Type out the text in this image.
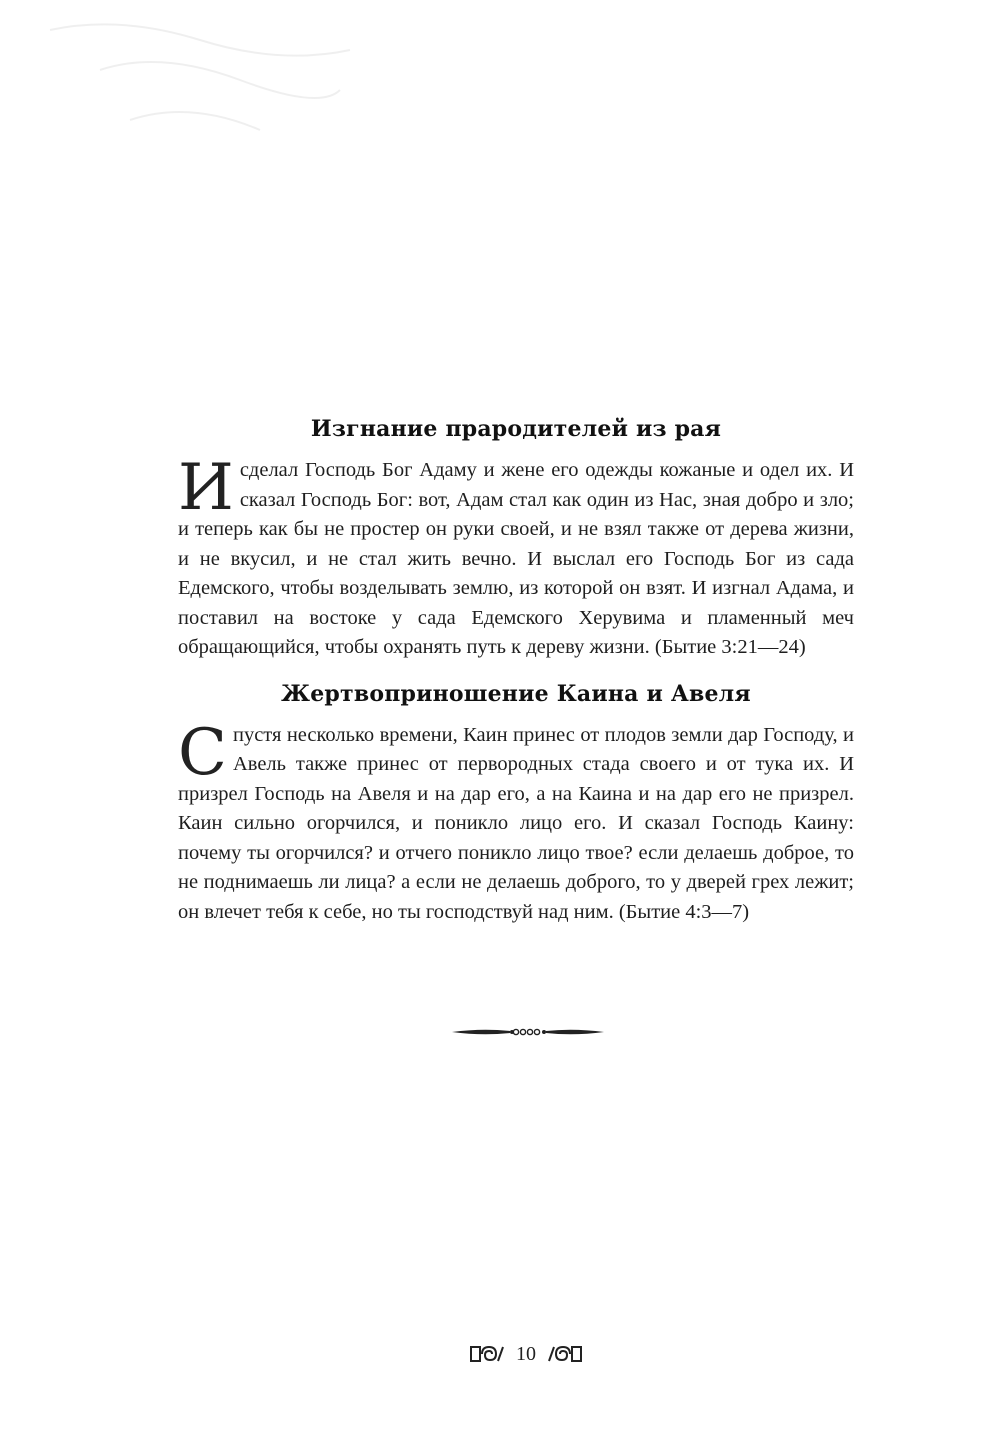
Изгнание прародителей из рая

И сделал Господь Бог Адаму и жене его одежды кожаные и одел их. И сказал Господь Бог: вот, Адам стал как один из Нас, зная добро и зло; и теперь как бы не простер он руки своей, и не взял также от дерева жизни, и не вкусил, и не стал жить вечно. И выслал его Господь Бог из сада Едемского, чтобы возделывать землю, из которой он взят. И изгнал Адама, и поставил на востоке у сада Едемского Херувима и пламенный меч обращающийся, чтобы охранять путь к дереву жизни. (Бытие 3:21—24)

Жертвоприношение Каина и Авеля

Спустя несколько времени, Каин принес от плодов земли дар Господу, и Авель также принес от первородных стада своего и от тука их. И призрел Господь на Авеля и на дар его, а на Каина и на дар его не призрел. Каин сильно огорчился, и поникло лицо его. И сказал Господь Каину: почему ты огорчился? и отчего поникло лицо твое? если делаешь доброе, то не поднимаешь ли лица? а если не делаешь доброго, то у дверей грех лежит; он влечет тебя к себе, но ты господствуй над ним. (Бытие 4:3—7)

10
